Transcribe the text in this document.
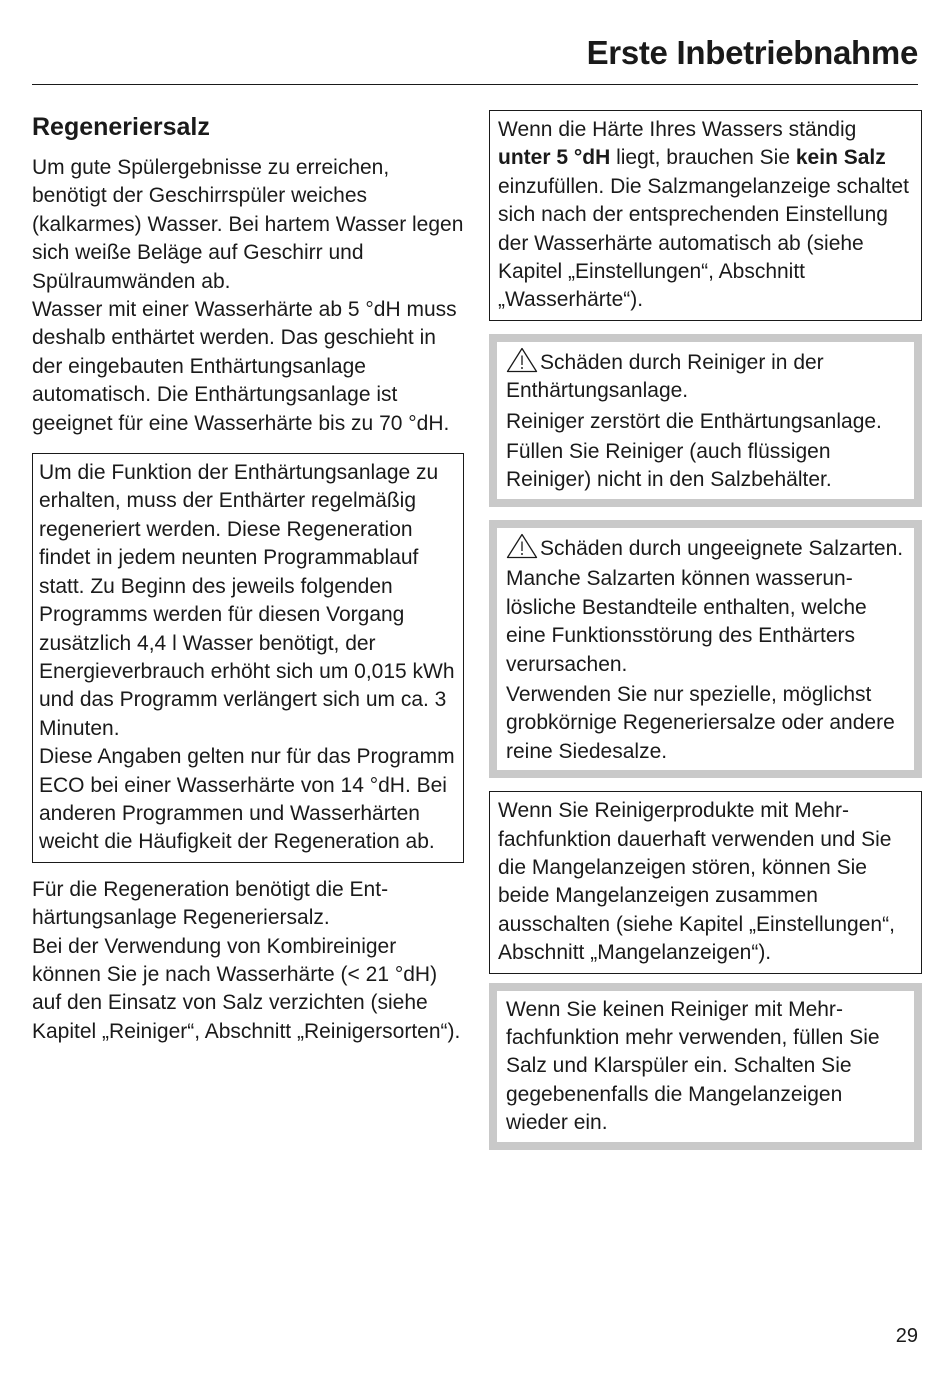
Erste Inbetriebnahme
Regeneriersalz

Um gute Spülergebnisse zu erreichen, benötigt der Geschirrspüler weiches (kalkarmes) Wasser. Bei hartem Wasser legen sich weiße Beläge auf Geschirr und Spülraumwänden ab.

Wasser mit einer Wasserhärte ab 5 °dH muss deshalb enthärtet werden. Das geschieht in der eingebauten Enthärtungsanlage automatisch. Die Enthärtungsanlage ist geeignet für eine Wasserhärte bis zu 70 °dH.

Um die Funktion der Enthärtungsanlage zu erhalten, muss der Enthärter regelmäßig regeneriert werden. Diese Regeneration findet in jedem neunten Programmablauf statt. Zu Beginn des jeweils folgenden Programms werden für diesen Vorgang zusätzlich 4,4 l Wasser benötigt, der Energieverbrauch erhöht sich um 0,015 kWh und das Programm verlängert sich um ca. 3 Minuten.

Diese Angaben gelten nur für das Programm ECO bei einer Wasserhärte von 14 °dH. Bei anderen Programmen und Wasserhärten weicht die Häufigkeit der Regeneration ab.

Für die Regeneration benötigt die Enthärtungsanlage Regeneriersalz.

Bei der Verwendung von Kombireiniger können Sie je nach Wasserhärte (< 21 °dH) auf den Einsatz von Salz verzichten (siehe Kapitel „Reiniger“, Abschnitt „Reinigersorten“).

Wenn die Härte Ihres Wassers ständig unter 5 °dH liegt, brauchen Sie kein Salz einzufüllen. Die Salzmangelanzeige schaltet sich nach der entsprechenden Einstellung der Wasserhärte automatisch ab (siehe Kapitel „Einstellungen“, Abschnitt „Wasserhärte“).

Schäden durch Reiniger in der Enthärtungsanlage.

Reiniger zerstört die Enthärtungsanlage.

Füllen Sie Reiniger (auch flüssigen Reiniger) nicht in den Salzbehälter.

Schäden durch ungeeignete Salzarten.

Manche Salzarten können wasserunlösliche Bestandteile enthalten, welche eine Funktionsstörung des Enthärters verursachen.

Verwenden Sie nur spezielle, möglichst grobkörnige Regeneriersalze oder andere reine Siedesalze.

Wenn Sie Reinigerprodukte mit Mehrfachfunktion dauerhaft verwenden und Sie die Mangelanzeigen stören, können Sie beide Mangelanzeigen zusammen ausschalten (siehe Kapitel „Einstellungen“, Abschnitt „Mangelanzeigen“).

Wenn Sie keinen Reiniger mit Mehrfachfunktion mehr verwenden, füllen Sie Salz und Klarspüler ein. Schalten Sie gegebenenfalls die Mangelanzeigen wieder ein.

29
